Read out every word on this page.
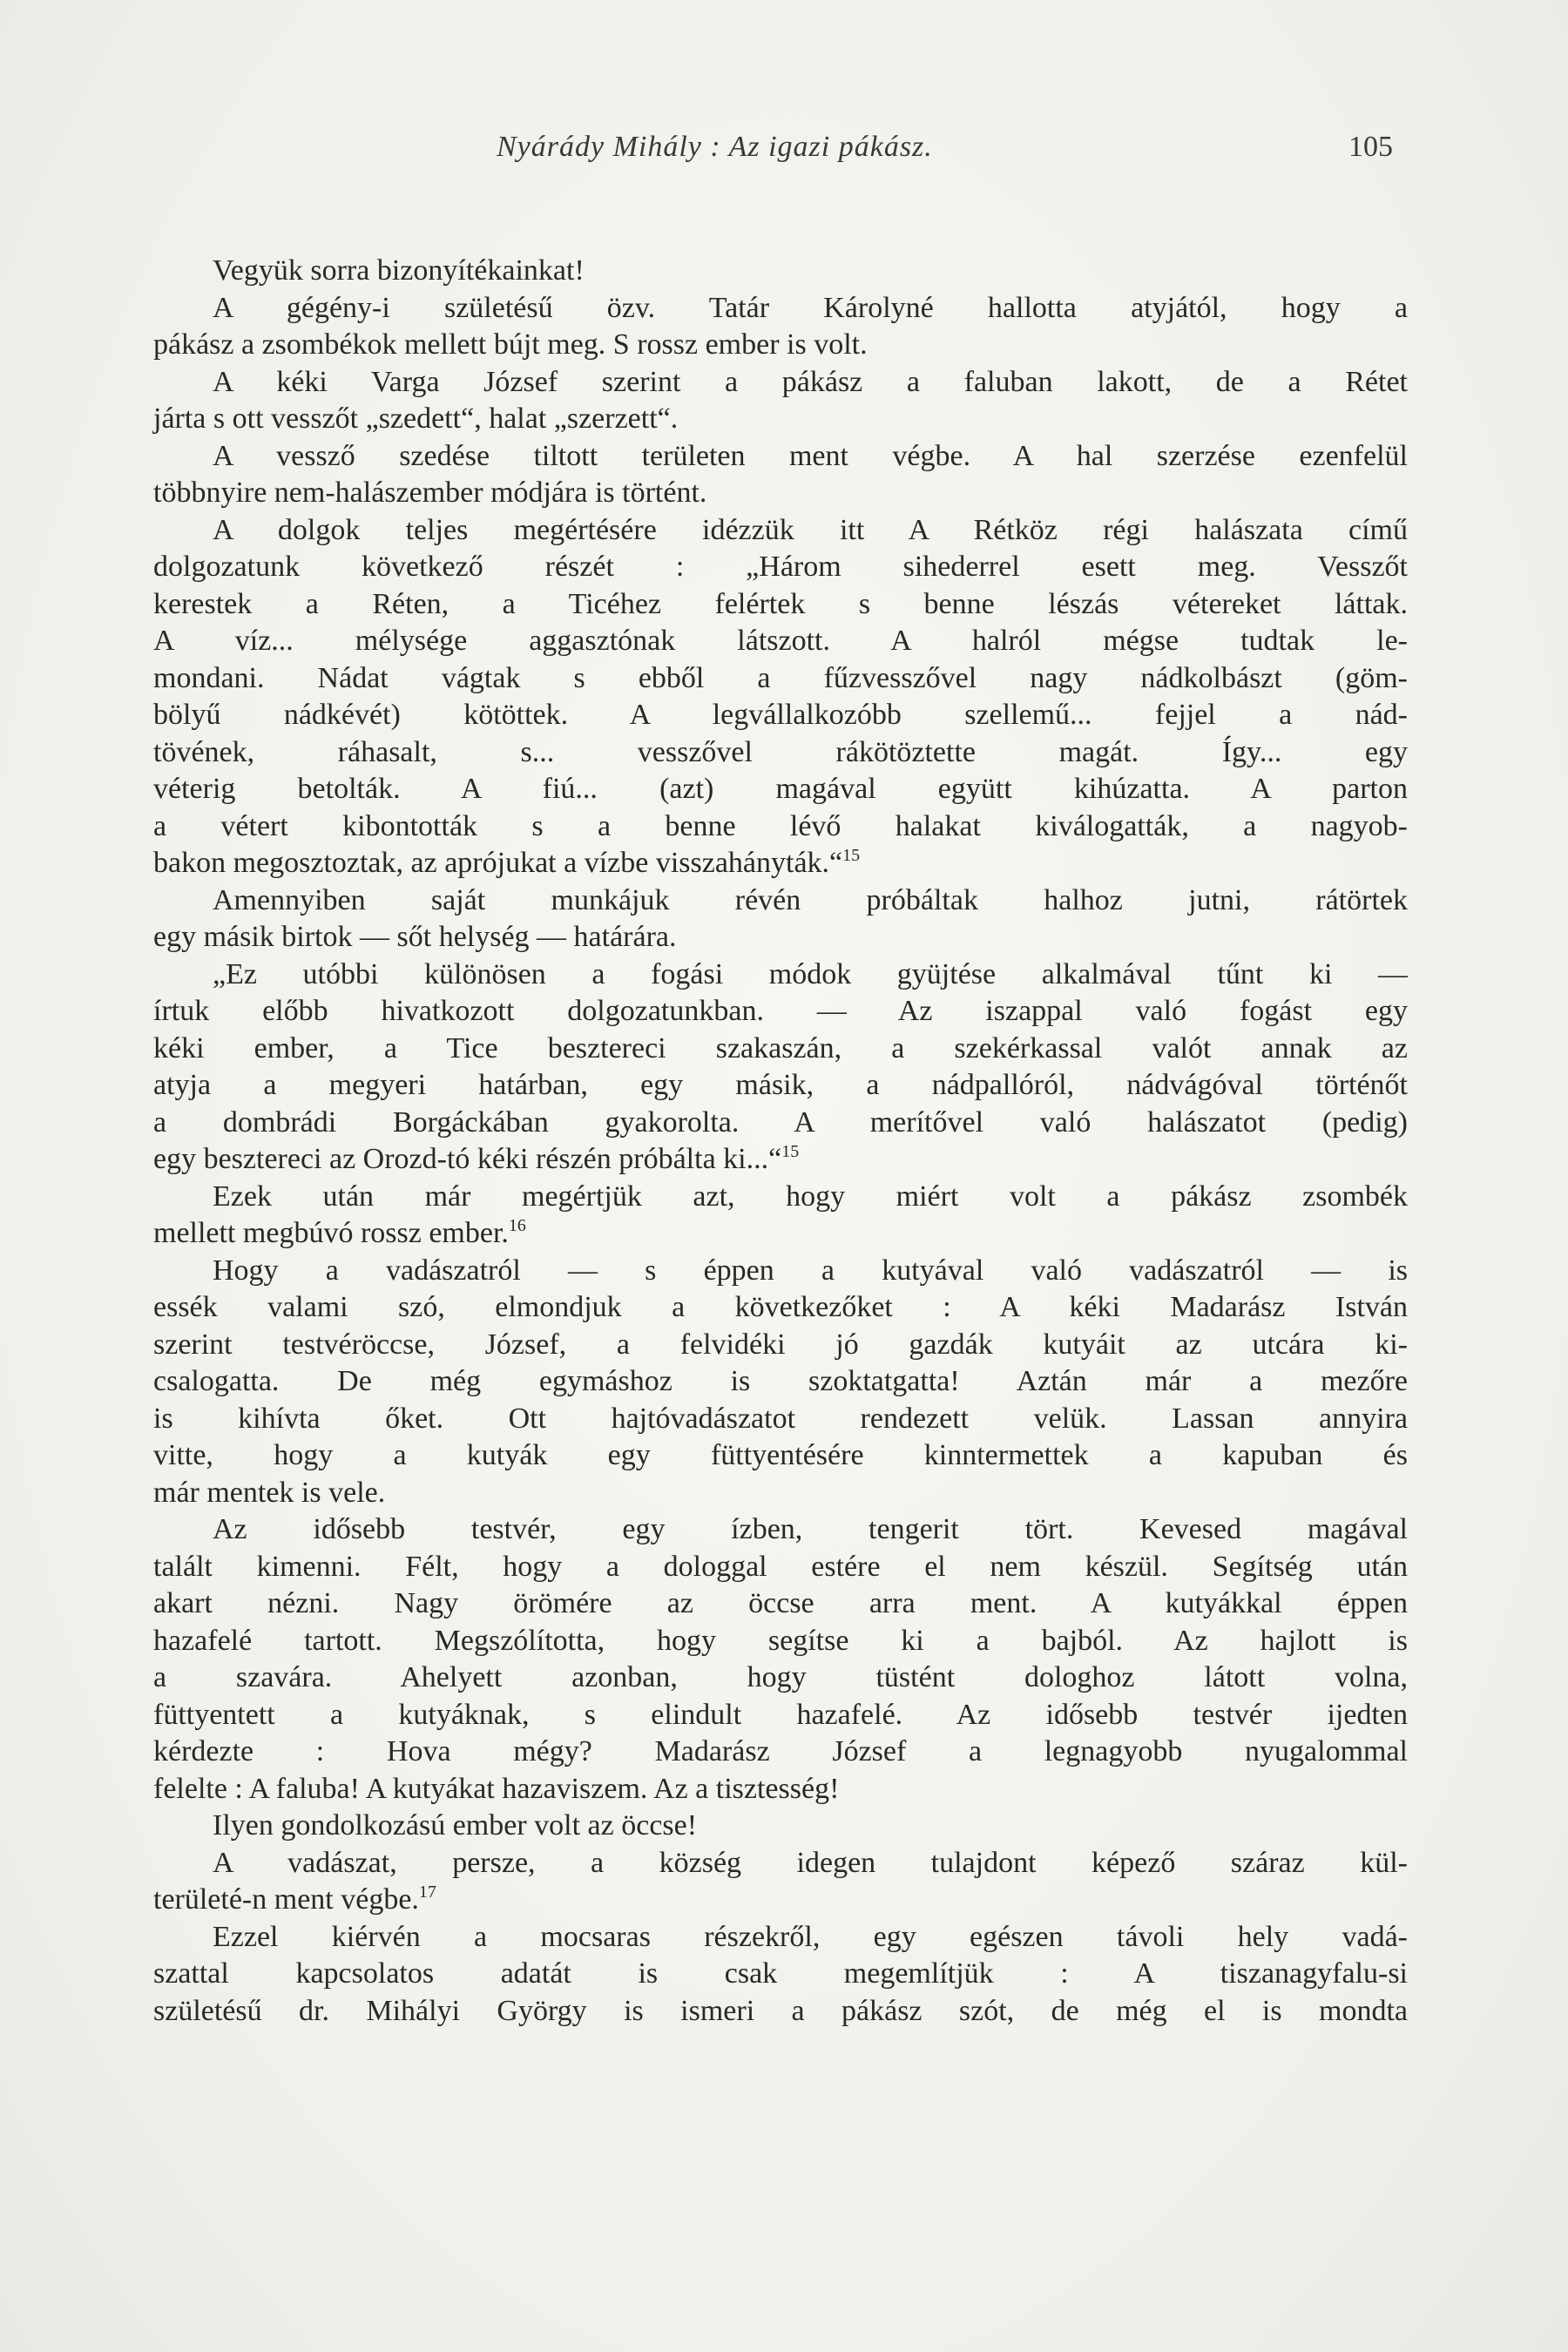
Nyárády Mihály : Az igazi pákász.	105
  Vegyük sorra bizonyítékainkat!
  A gégény-i születésű özv. Tatár Károlyné hallotta atyjától, hogy a
pákász a zsombékok mellett bújt meg. S rossz ember is volt.
  A kéki Varga József szerint a pákász a faluban lakott, de a Rétet
járta s ott vesszőt „szedett“, halat „szerzett“.
  A vessző szedése tiltott területen ment végbe. A hal szerzése ezenfelül
többnyire nem-halászember módjára is történt.
  A dolgok teljes megértésére idézzük itt A Rétköz régi halászata című
dolgozatunk következő részét : „Három sihederrel esett meg. Vesszőt
kerestek a Réten, a Ticéhez felértek s benne lészás vétereket láttak.
A víz... mélysége aggasztónak látszott. A halról mégse tudtak le-
mondani. Nádat vágtak s ebből a fűzvesszővel nagy nádkolbászt (göm-
bölyű nádkévét) kötöttek. A legvállalkozóbb szellemű... fejjel a nád-
tövének, ráhasalt, s... vesszővel rákötöztette magát. Így... egy
véterig betolták. A fiú... (azt) magával együtt kihúzatta. A parton
a vétert kibontották s a benne lévő halakat kiválogatták, a nagyob-
bakon megosztoztak, az aprójukat a vízbe visszahányták.“$^{15}$
  Amennyiben saját munkájuk révén próbáltak halhoz jutni, rátörtek
egy másik birtok — sőt helység — határára.
  „Ez utóbbi különösen a fogási módok gyüjtése alkalmával tűnt ki —
írtuk előbb hivatkozott dolgozatunkban. — Az iszappal való fogást egy
kéki ember, a Tice beszterеci szakaszán, a szekérkassal valót annak az
atyja a megyeri határban, egy másik, a nádpallóról, nádvágóval történőt
a dombrádi Borgáckában gyakorolta. A merítővel való halászatot (pedig)
egy beszterеci az Orozd-tó kéki részén próbálta ki...“$^{15}$
  Ezek után már megértjük azt, hogy miért volt a pákász zsombék
mellett megbúvó rossz ember.$^{16}$
  Hogy a vadászatról — s éppen a kutyával való vadászatról — is
essék valami szó, elmondjuk a következőket : A kéki Madarász István
szerint testvéröccse, József, a felvidéki jó gazdák kutyáit az utcára ki-
csalogatta. De még egymáshoz is szoktatgatta! Aztán már a mezőre
is kihívta őket. Ott hajtóvadászatot rendezett velük. Lassan annyira
vitte, hogy a kutyák egy füttyentésére kinntermettek a kapuban és
már mentek is vele.
  Az idősebb testvér, egy ízben, tengerit tört. Kevesed magával
talált kimenni. Félt, hogy a dologgal estére el nem készül. Segítség után
akart nézni. Nagy örömére az öccse arra ment. A kutyákkal éppen
hazafelé tartott. Megszólította, hogy segítse ki a bajból. Az hajlott is
a szavára. Ahelyett azonban, hogy tüstént dologhoz látott volna,
füttyentett a kutyáknak, s elindult hazafelé. Az idősebb testvér ijedten
kérdezte : Hova mégy? Madarász József a legnagyobb nyugalommal
felelte : A faluba! A kutyákat hazaviszem. Az a tisztesség!
  Ilyen gondolkozású ember volt az öccse!
  A vadászat, persze, a község idegen tulajdont képező száraz kül-
területé-n ment végbe.$^{17}$
  Ezzel kiérvén a mocsaras részekről, egy egészen távoli hely vadá-
szattal kapcsolatos adatát is csak megemlítjük : A tiszanagyfalu-si
születésű dr. Mihályi György is ismeri a pákász szót, de még el is mondta
